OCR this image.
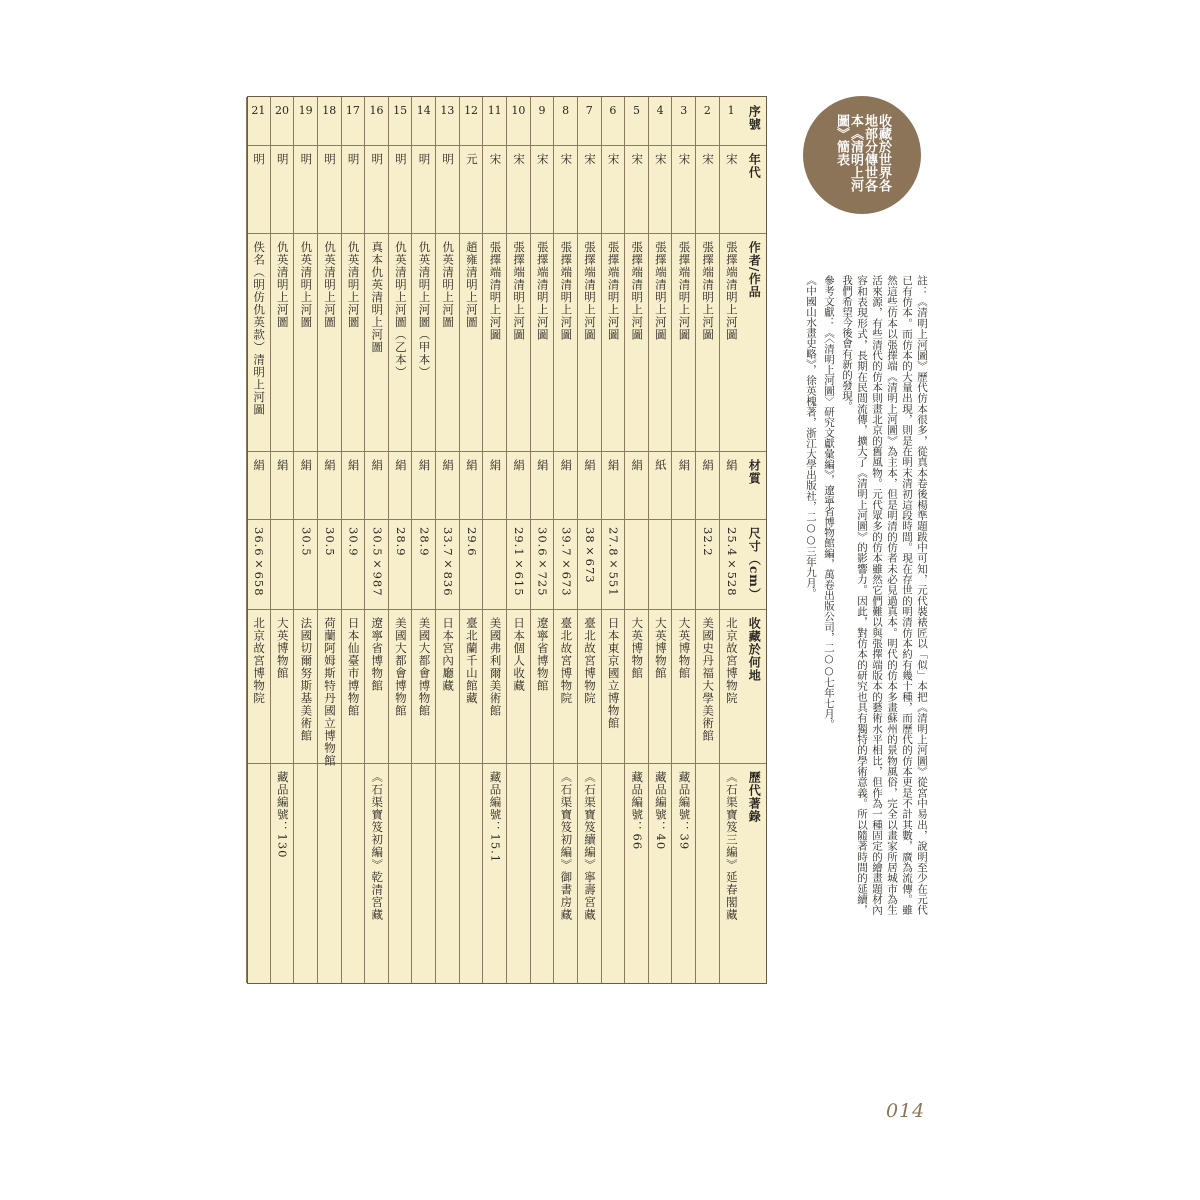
序號
年代
作者/作品
材質
尺寸（cm）
收藏於何地
歷代著錄
1
宋
張擇端清明上河圖
絹
25.4×528
北京故宮博物院
《石渠寶笈三編》延春閣藏
2
宋
張擇端清明上河圖
絹
32.2
美國史丹福大學美術館
3
宋
張擇端清明上河圖
絹
大英博物館
藏品編號：39
4
宋
張擇端清明上河圖
紙
大英博物館
藏品編號：40
5
宋
張擇端清明上河圖
絹
大英博物館
藏品編號：66
6
宋
張擇端清明上河圖
絹
27.8×551
日本東京國立博物館
7
宋
張擇端清明上河圖
絹
38×673
臺北故宮博物院
《石渠寶笈續編》寧壽宮藏
8
宋
張擇端清明上河圖
絹
39.7×673
臺北故宮博物院
《石渠寶笈初編》御書房藏
9
宋
張擇端清明上河圖
絹
30.6×725
遼寧省博物館
10
宋
張擇端清明上河圖
絹
29.1×615
日本個人收藏
11
宋
張擇端清明上河圖
絹
美國弗利爾美術館
藏品編號：15.1
12
元
趙雍清明上河圖
絹
29.6
臺北蘭千山館藏
13
明
仇英清明上河圖
絹
33.7×836
日本宮內廳藏
14
明
仇英清明上河圖（甲本）
絹
28.9
美國大都會博物館
15
明
仇英清明上河圖（乙本）
絹
28.9
美國大都會博物館
16
明
真本仇英清明上河圖
絹
30.5×987
遼寧省博物館
《石渠寶笈初編》乾清宮藏
17
明
仇英清明上河圖
絹
30.9
日本仙臺市博物館
18
明
仇英清明上河圖
絹
30.5
荷蘭阿姆斯特丹國立博物館
19
明
仇英清明上河圖
絹
30.5
法國切爾努斯基美術館
20
明
仇英清明上河圖
絹
大英博物館
藏品編號：130
21
明
佚名（明仿仇英款）清明上河圖
絹
36.6×658
北京故宮博物院
收藏於世界各地部分傳世各本《清明上河圖》簡表

註：《清明上河圖》歷代仿本很多，從真本卷後楊準題跋中可知，元代裝裱匠以「似」本把《清明上河圖》從宮中易出，說明至少在元代已有仿本。而仿本的大量出現，則是在明末清初這段時間。現在存世的明清仿本約有幾十種，而歷代的仿本更是不計其數，廣為流傳。雖然這些仿本以張擇端《清明上河圖》為主本，但是明清的仿者未必見過真本。明代的仿本多畫蘇州的景物風俗，完全以畫家所居城市為生活來源，有些清代的仿本則畫北京的舊風物。元代眾多的仿本雖然它們難以與張擇端版本的藝術水平相比，但作為一種固定的繪畫題材內容和表現形式，長期在民間流傳，擴大了《清明上河圖》的影響力。因此，對仿本的研究也具有獨特的學術意義。所以隨著時間的延續，我們希望今後會有新的發現。

參考文獻：《〈清明上河圖〉研究文獻彙編》，遼寧省博物館編，萬卷出版公司，二○○七年七月。

《中國山水畫史略》，徐英槐著，浙江大學出版社，二○○三年九月。

014
